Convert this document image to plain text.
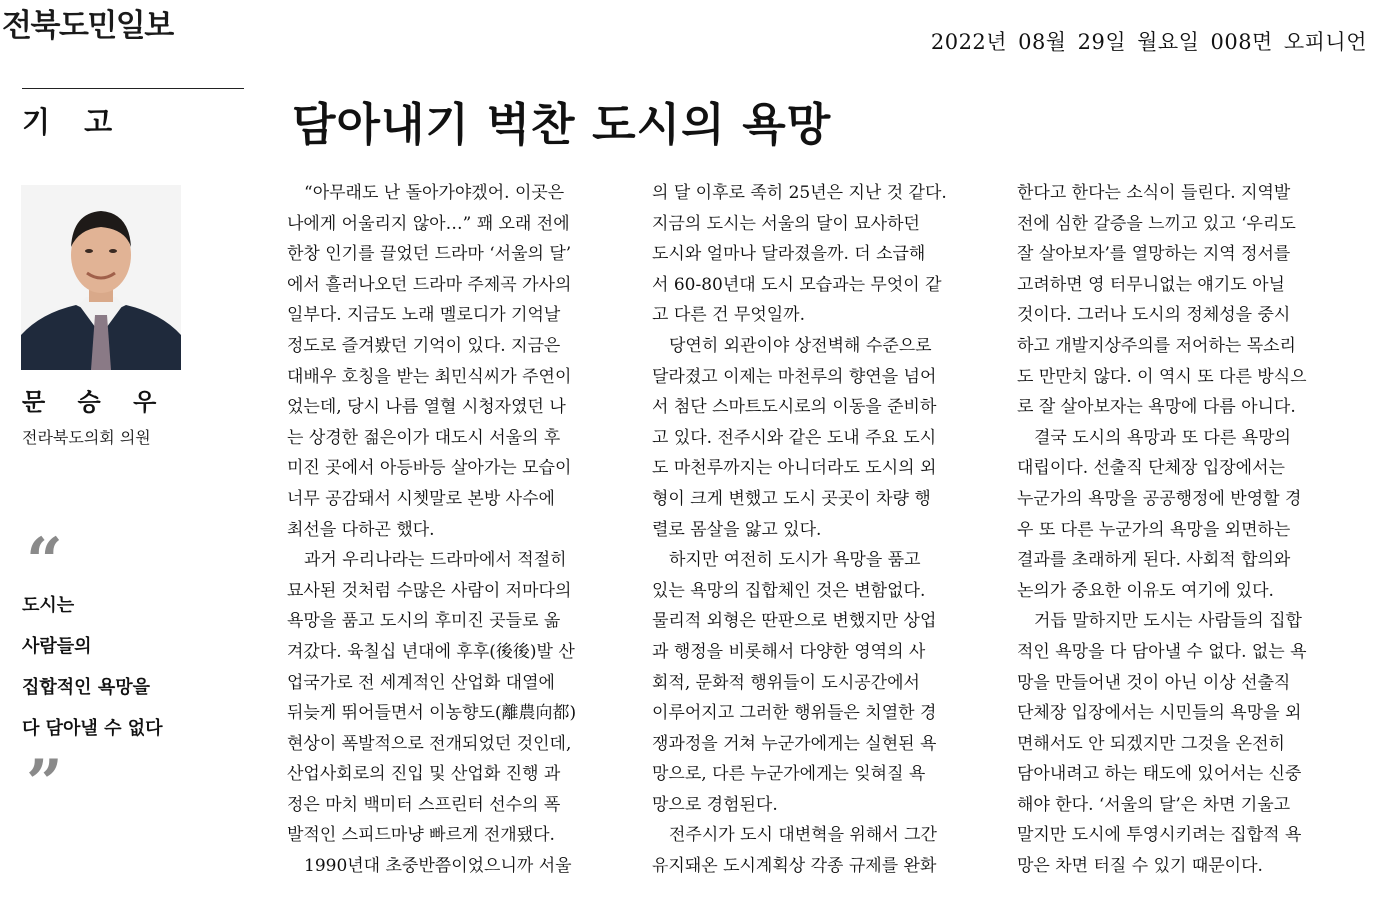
전북도민일보	2022년 08월 29일 월요일 008면 오피니언
기 고	담아내기 벅찬 도시의 욕망
문 승 우
전라북도의회 의원
“
도시는
사람들의
집합적인 욕망을
다 담아낼 수 없다
”
　“아무래도 난 돌아가야겠어. 이곳은
나에게 어울리지 않아…” 꽤 오래 전에
한창 인기를 끌었던 드라마 ‘서울의 달’
에서 흘러나오던 드라마 주제곡 가사의
일부다. 지금도 노래 멜로디가 기억날
정도로 즐겨봤던 기억이 있다. 지금은
대배우 호칭을 받는 최민식씨가 주연이
었는데, 당시 나름 열혈 시청자였던 나
는 상경한 젊은이가 대도시 서울의 후
미진 곳에서 아등바등 살아가는 모습이
너무 공감돼서 시쳇말로 본방 사수에
최선을 다하곤 했다.
　과거 우리나라는 드라마에서 적절히
묘사된 것처럼 수많은 사람이 저마다의
욕망을 품고 도시의 후미진 곳들로 옮
겨갔다. 육칠십 년대에 후후(後後)발 산
업국가로 전 세계적인 산업화 대열에
뒤늦게 뛰어들면서 이농향도(離農向都)
현상이 폭발적으로 전개되었던 것인데,
산업사회로의 진입 및 산업화 진행 과
정은 마치 백미터 스프린터 선수의 폭
발적인 스피드마냥 빠르게 전개됐다.
　1990년대 초중반쯤이었으니까 서울
의 달 이후로 족히 25년은 지난 것 같다.
지금의 도시는 서울의 달이 묘사하던
도시와 얼마나 달라졌을까. 더 소급해
서 60-80년대 도시 모습과는 무엇이 같
고 다른 건 무엇일까.
　당연히 외관이야 상전벽해 수준으로
달라졌고 이제는 마천루의 향연을 넘어
서 첨단 스마트도시로의 이동을 준비하
고 있다. 전주시와 같은 도내 주요 도시
도 마천루까지는 아니더라도 도시의 외
형이 크게 변했고 도시 곳곳이 차량 행
렬로 몸살을 앓고 있다.
　하지만 여전히 도시가 욕망을 품고
있는 욕망의 집합체인 것은 변함없다.
물리적 외형은 딴판으로 변했지만 상업
과 행정을 비롯해서 다양한 영역의 사
회적, 문화적 행위들이 도시공간에서
이루어지고 그러한 행위들은 치열한 경
쟁과정을 거쳐 누군가에게는 실현된 욕
망으로, 다른 누군가에게는 잊혀질 욕
망으로 경험된다.
　전주시가 도시 대변혁을 위해서 그간
유지돼온 도시계획상 각종 규제를 완화
한다고 한다는 소식이 들린다. 지역발
전에 심한 갈증을 느끼고 있고 ‘우리도
잘 살아보자’를 열망하는 지역 정서를
고려하면 영 터무니없는 얘기도 아닐
것이다. 그러나 도시의 정체성을 중시
하고 개발지상주의를 저어하는 목소리
도 만만치 않다. 이 역시 또 다른 방식으
로 잘 살아보자는 욕망에 다름 아니다.
　결국 도시의 욕망과 또 다른 욕망의
대립이다. 선출직 단체장 입장에서는
누군가의 욕망을 공공행정에 반영할 경
우 또 다른 누군가의 욕망을 외면하는
결과를 초래하게 된다. 사회적 합의와
논의가 중요한 이유도 여기에 있다.
　거듭 말하지만 도시는 사람들의 집합
적인 욕망을 다 담아낼 수 없다. 없는 욕
망을 만들어낸 것이 아닌 이상 선출직
단체장 입장에서는 시민들의 욕망을 외
면해서도 안 되겠지만 그것을 온전히
담아내려고 하는 태도에 있어서는 신중
해야 한다. ‘서울의 달’은 차면 기울고
말지만 도시에 투영시키려는 집합적 욕
망은 차면 터질 수 있기 때문이다.
